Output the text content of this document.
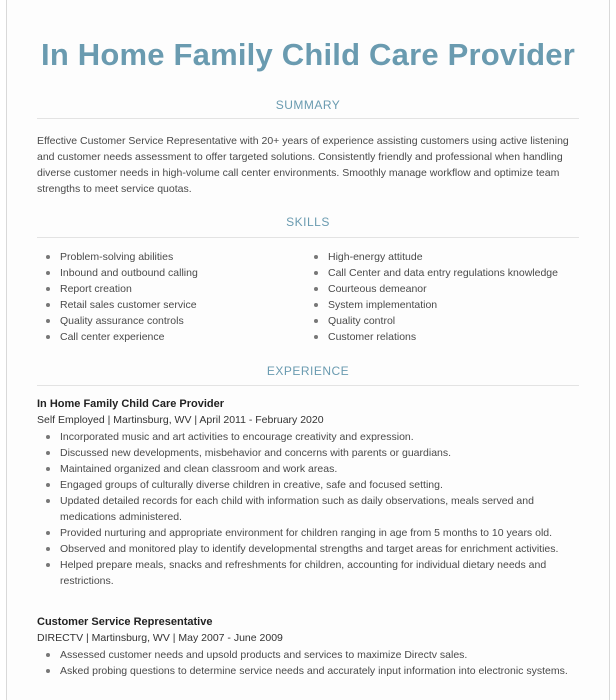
In Home Family Child Care Provider
SUMMARY

Effective Customer Service Representative with 20+ years of experience assisting customers using active listening and customer needs assessment to offer targeted solutions. Consistently friendly and professional when handling diverse customer needs in high-volume call center environments. Smoothly manage workflow and optimize team strengths to meet service quotas.

SKILLS
Problem-solving abilities
Inbound and outbound calling
Report creation
Retail sales customer service
Quality assurance controls
Call center experience
High-energy attitude
Call Center and data entry regulations knowledge
Courteous demeanor
System implementation
Quality control
Customer relations
EXPERIENCE
In Home Family Child Care Provider
Self Employed | Martinsburg, WV | April 2011 - February 2020
Incorporated music and art activities to encourage creativity and expression.
Discussed new developments, misbehavior and concerns with parents or guardians.
Maintained organized and clean classroom and work areas.
Engaged groups of culturally diverse children in creative, safe and focused setting.
Updated detailed records for each child with information such as daily observations, meals served and medications administered.
Provided nurturing and appropriate environment for children ranging in age from 5 months to 10 years old.
Observed and monitored play to identify developmental strengths and target areas for enrichment activities.
Helped prepare meals, snacks and refreshments for children, accounting for individual dietary needs and restrictions.
Customer Service Representative
DIRECTV | Martinsburg, WV | May 2007 - June 2009
Assessed customer needs and upsold products and services to maximize Directv sales.
Asked probing questions to determine service needs and accurately input information into electronic systems.
